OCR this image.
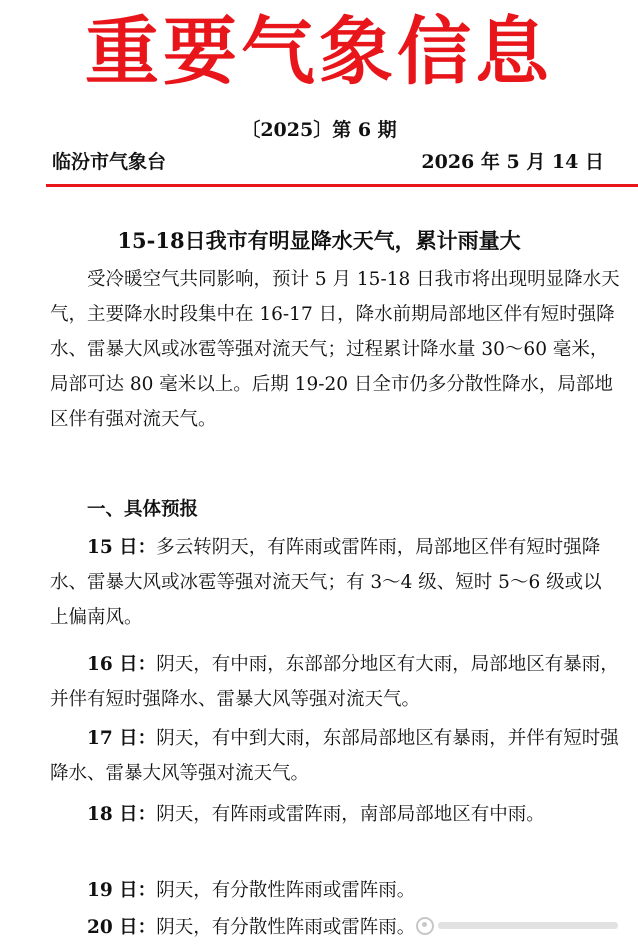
重要气象信息
〔2025〕第 6 期
临汾市气象台	2026 年 5 月 14 日
15-18日我市有明显降水天气，累计雨量大

受冷暖空气共同影响，预计 5 月 15-18 日我市将出现明显降水天气，主要降水时段集中在 16-17 日，降水前期局部地区伴有短时强降水、雷暴大风或冰雹等强对流天气；过程累计降水量 30～60 毫米，局部可达 80 毫米以上。后期 19-20 日全市仍多分散性降水，局部地区伴有强对流天气。

一、具体预报

15 日：多云转阴天，有阵雨或雷阵雨，局部地区伴有短时强降水、雷暴大风或冰雹等强对流天气；有 3～4 级、短时 5～6 级或以上偏南风。

16 日：阴天，有中雨，东部部分地区有大雨，局部地区有暴雨，并伴有短时强降水、雷暴大风等强对流天气。

17 日：阴天，有中到大雨，东部局部地区有暴雨，并伴有短时强降水、雷暴大风等强对流天气。

18 日：阴天，有阵雨或雷阵雨，南部局部地区有中雨。

19 日：阴天，有分散性阵雨或雷阵雨。

20 日：阴天，有分散性阵雨或雷阵雨。
